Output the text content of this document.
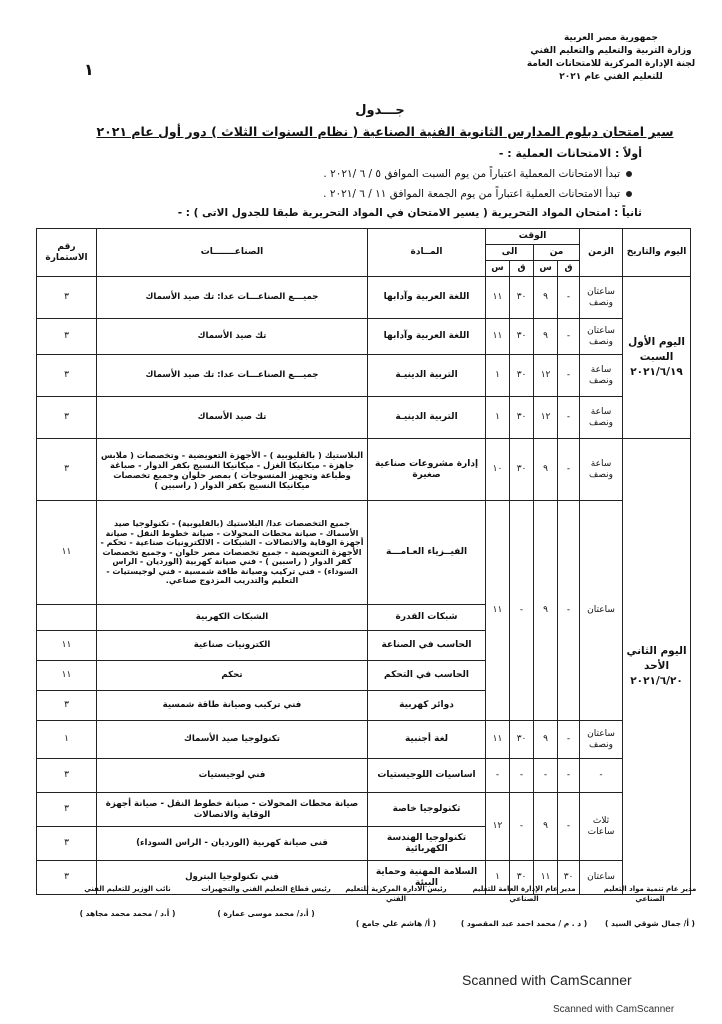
جمهورية مصر العربية
وزارة التربية والتعليم والتعليم الفني
لجنة الإدارة المركزية للامتحانات العامة
للتعليم الفني عام ٢٠٢١
١
جـــدول
سير امتحان دبلوم المدارس الثانوية الفنية الصناعية ( نظام السنوات الثلاث ) دور أول عام ٢٠٢١
أولاً : الامتحانات العملية : -
تبدأ الامتحانات المعملية اعتباراً من يوم السبت الموافق ٥ / ٦ /٢٠٢١ .
تبدأ الامتحانات العملية اعتباراً من يوم الجمعة الموافق ١١ / ٦ /٢٠٢١ .
ثانياً : امتحان المواد التحريرية ( يسير الامتحان في المواد التحريرية طبقا للجدول الاتى ) : -
اليوم والتاريخ	الزمن	الوقت				المــادة	الصناعـــــــات	رقم الاستمارة
		من		الى				
		ق	س	ق	س			
اليوم الأول السبت ٢٠٢١/٦/١٩	ساعتان ونصف	-	٩	٣٠	١١	اللغة العربية وآدابها	جميـــع الصناعـــات عدا: تك صيد الأسماك	٣
	ساعتان ونصف	-	٩	٣٠	١١	اللغة العربية وآدابها	تك صيد الأسماك	٣
	ساعة ونصف	-	١٢	٣٠	١	التربية الدينيـة	جميـــع الصناعـــات عدا: تك صيد الأسماك	٣
	ساعة ونصف	-	١٢	٣٠	١	التربية الدينيـة	تك صيد الأسماك	٣
اليوم الثاني الأحد ٢٠٢١/٦/٢٠	ساعة ونصف	-	٩	٣٠	١٠	إدارة مشروعات صناعية صغيرة	البلاستيك ( بالقليوبية ) - الأجهزة التعويضية - وتخصصات ( ملابس جاهزة - ميكانيكا الغزل - ميكانيكا النسيج بكفر الدوار - صباغة وطباعة وتجهيز المنسوجات ) بمصر حلوان وجميع تخصصات ميكانيكا النسيج بكفر الدوار ( راسبين )	٣
	ساعتان	-	٩	-	١١	الفيــزياء العـامـــة	جميع التخصصات عدا/ البلاستيك (بالقليوبية) - تكنولوجيا صيد الأسماك - صيانة محطات المحولات - صيانة خطوط النقل - صيانة أجهزة الوقاية والاتصالات - الشبكات - الالكترونيات صناعية - تحكم - الأجهزة التعويضية - جميع تخصصات مصر حلوان - وجميع تخصصات كفر الدوار ( راسبين ) - فني صيانة كهربية (الورديان - الراس السوداء) - فني تركيب وصيانة طاقة شمسية - فني لوجيستيات - التعليم والتدريب المزدوج صناعي.	١١
						شبكات القدرة	الشبكات الكهربية	
						الحاسب في الصناعة	الكترونيات صناعية	١١
						الحاسب في التحكم	تحكم	١١
						دوائر كهربية	فني تركيب وصيانة طاقة شمسية	٣
	ساعتان ونصف	-	٩	٣٠	١١	لغة أجنبية	تكنولوجيا صيد الأسماك	١
	-	-	-	-	-	اساسيات اللوجيستيات	فني لوجيستيات	٣
	ثلاث ساعات	-	٩	-	١٢	تكنولوجيا خاصة	صيانة محطات المحولات - صيانة خطوط النقل - صيانة أجهزة الوقاية والاتصالات	٣
						تكنولوجيا الهندسة الكهربائية	فنى صيانة كهربية (الورديان - الراس السوداء)	٣
	ساعتان	٣٠	١١	٣٠	١	السلامة المهنية وحماية البيئة	فني تكنولوجيا البترول	٣
مدير عام تنمية مواد التعليم الصناعي
( أ/ جمال شوقي السيد )
مدير عام الإدارة العامة للتعليم الصناعي
( د . م / محمد احمد عبد المقصود )
رئيس الادارة المركزية للتعليم الفني
( أ/ هاشم علي جامع )
رئيس قطاع التعليم الفني والتجهيزات
( أ.د/ محمد موسى عمارة )
نائب الوزير للتعليم الفني
( أ.د / محمد محمد مجاهد )
Scanned with CamScanner
Scanned with CamScanner
